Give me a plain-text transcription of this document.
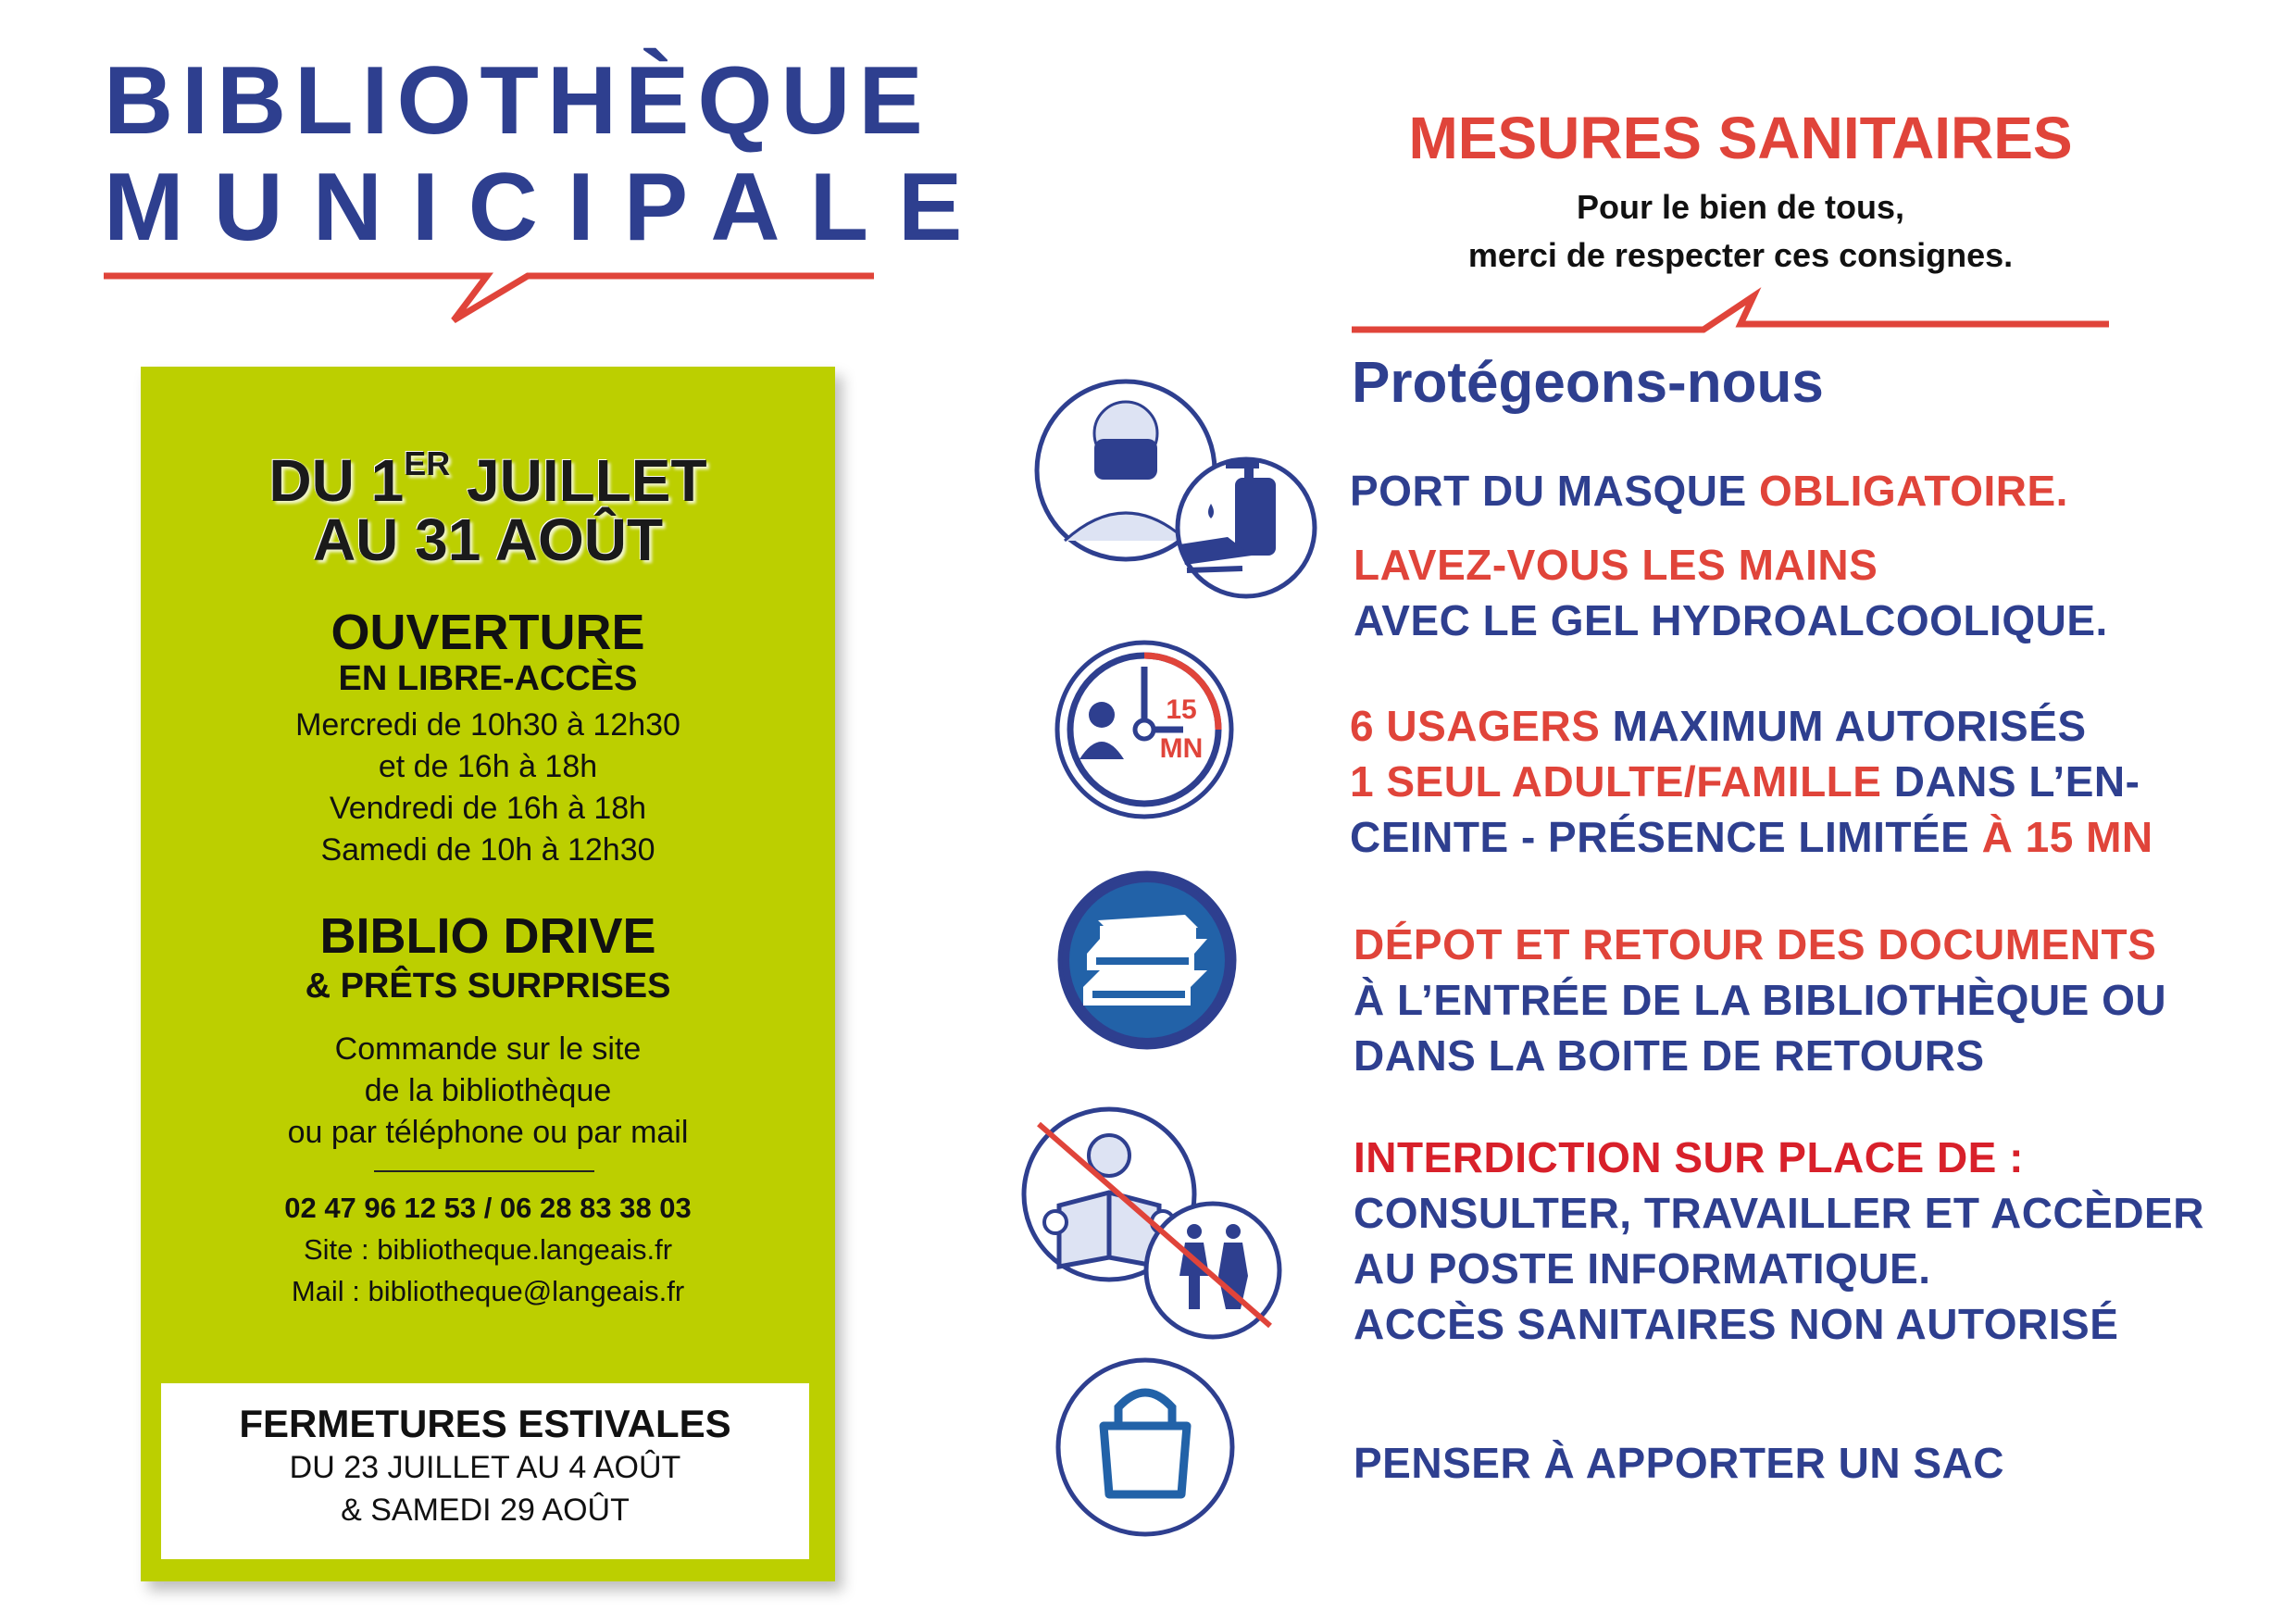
BIBLIOTHÈQUE
MUNICIPALE
DU 1ER JUILLET
AU 31 AOÛT
OUVERTURE
EN LIBRE-ACCÈS
Mercredi de 10h30 à 12h30
et de 16h à 18h
Vendredi de 16h à 18h
Samedi de 10h à 12h30
BIBLIO DRIVE
& PRÊTS SURPRISES
Commande sur le site
de la bibliothèque
ou par téléphone ou par mail
02 47 96 12 53 / 06 28 83 38 03
Site : bibliotheque.langeais.fr
Mail : bibliotheque@langeais.fr
FERMETURES ESTIVALES
DU 23 JUILLET AU 4 AOÛT
& SAMEDI 29 AOÛT
MESURES SANITAIRES
Pour le bien de tous,
merci de respecter ces consignes.
Protégeons-nous
15
MN
PORT DU MASQUE OBLIGATOIRE.
LAVEZ-VOUS LES MAINS
AVEC LE GEL HYDROALCOOLIQUE.
6 USAGERS MAXIMUM AUTORISÉS
1 SEUL ADULTE/FAMILLE DANS L’EN-
CEINTE - PRÉSENCE LIMITÉE À 15 MN
DÉPOT ET RETOUR DES DOCUMENTS
À L’ENTRÉE DE LA BIBLIOTHÈQUE OU
DANS LA BOITE DE RETOURS
INTERDICTION SUR PLACE DE :
CONSULTER, TRAVAILLER ET ACCÈDER
AU POSTE INFORMATIQUE.
ACCÈS SANITAIRES NON AUTORISÉ
PENSER À APPORTER UN SAC
